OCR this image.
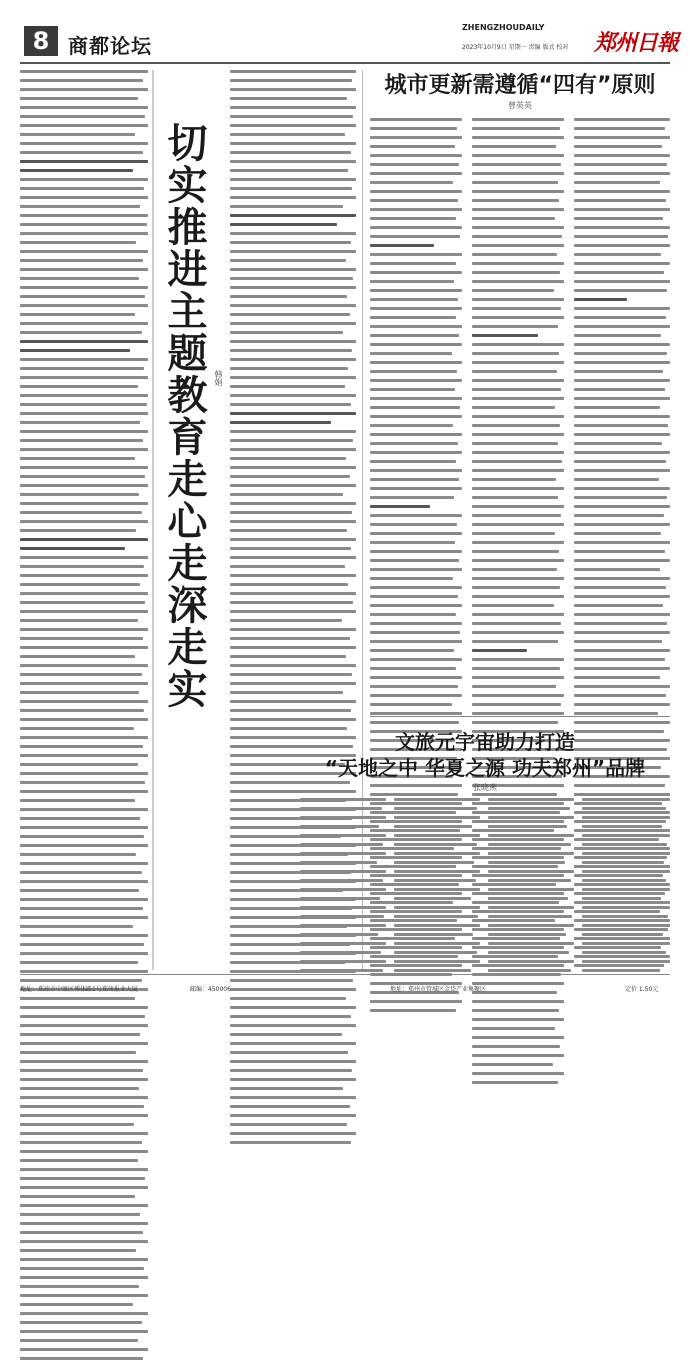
8 商都论坛
ZHENGZHOUDAILY
2023年10月9日 星期一 责编 版式 校对 郑州日報
切实推进主题教育走心走深走实 韩娟
城市更新需遵循“四有”原则
曾英英
文旅元宇宙助力打造
“天地之中 华夏之源 功夫郑州”品牌
张晓燕
地址：郑州市中原区博体路1号郑州报业大厦	邮编：450006	地址：郑州市管城区金岱产业集聚区	定价 1.50元
